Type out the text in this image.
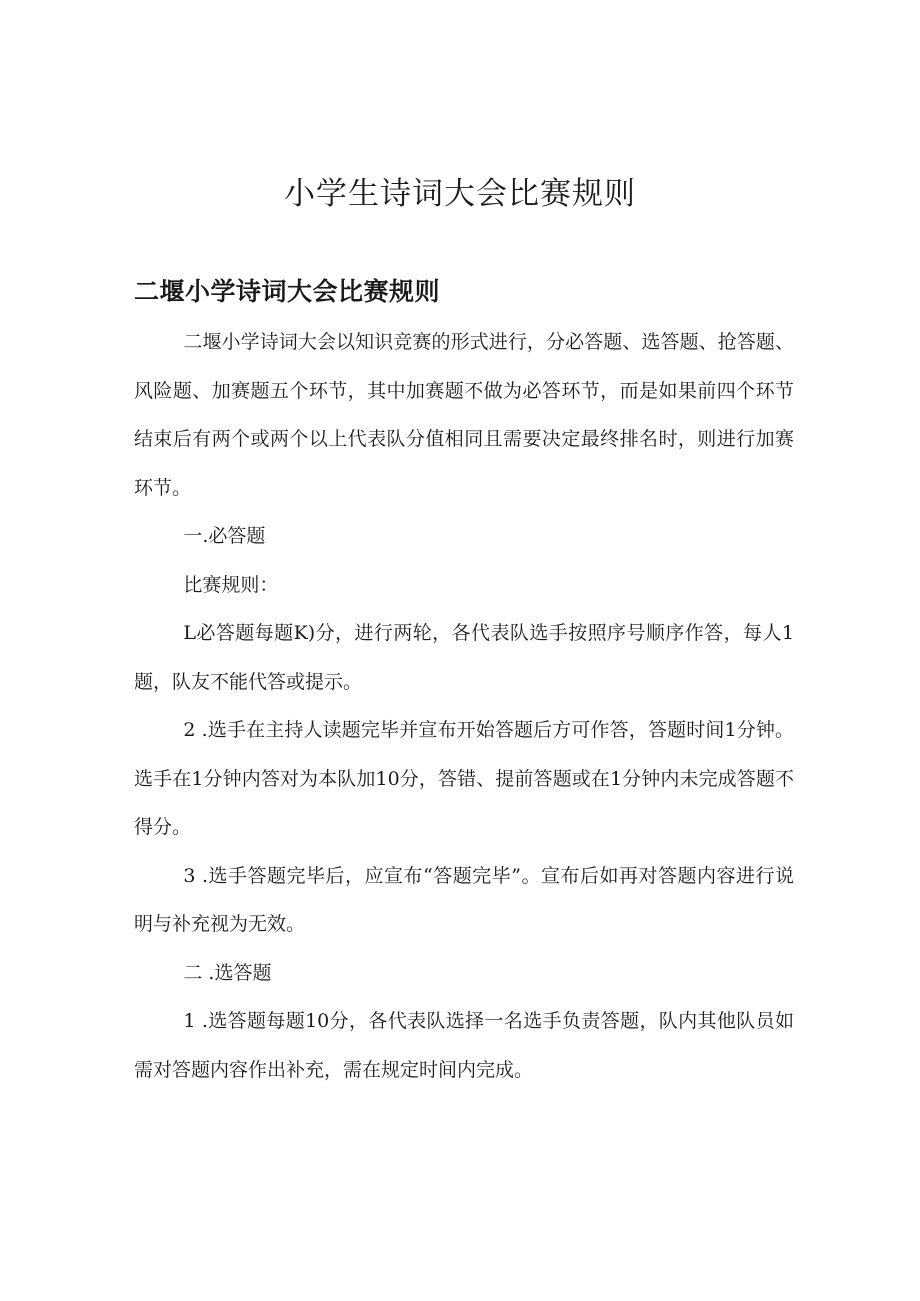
小学生诗词大会比赛规则
二堰小学诗词大会比赛规则

二堰小学诗词大会以知识竞赛的形式进行，分必答题、选答题、抢答题、风险题、加赛题五个环节，其中加赛题不做为必答环节，而是如果前四个环节结束后有两个或两个以上代表队分值相同且需要决定最终排名时，则进行加赛环节。

一.必答题

比赛规则：

L必答题每题K)分，进行两轮，各代表队选手按照序号顺序作答，每人1题，队友不能代答或提示。

2 .选手在主持人读题完毕并宣布开始答题后方可作答，答题时间1分钟。选手在1分钟内答对为本队加10分，答错、提前答题或在1分钟内未完成答题不得分。

3 .选手答题完毕后，应宣布“答题完毕”。宣布后如再对答题内容进行说明与补充视为无效。

二 .选答题

1 .选答题每题10分，各代表队选择一名选手负责答题，队内其他队员如需对答题内容作出补充，需在规定时间内完成。
